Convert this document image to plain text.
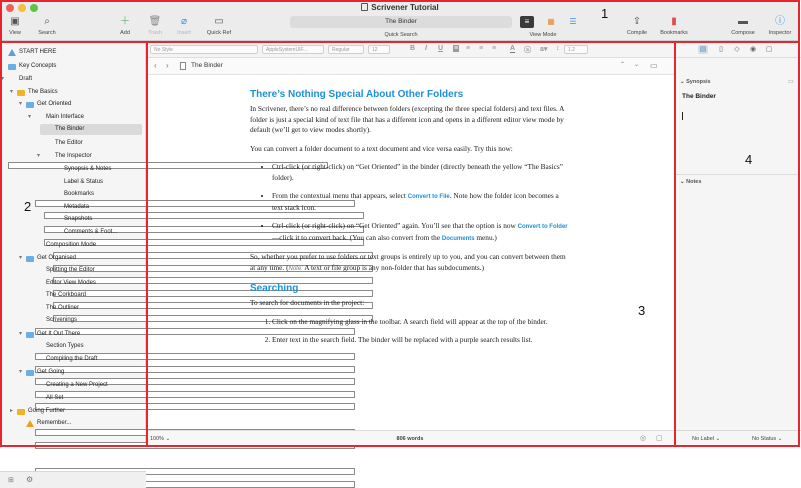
Scrivener Tutorial
▣
View
⌕
Search
＋
Add
🗑
Trash
⌀
Insert
▭
Quick Ref
The Binder
Quick Search
≡	▦	☰
View Mode
⇪
Compile
▮
Bookmarks
▬
Compose
ⓘ
Inspector
START HERE
Key Concepts
▾ Draft
▾ The Basics
▾ Get Oriented
▾ Main Interface
The Binder
The Editor
▾ The Inspector
Synopsis & Notes
Label & Status
Bookmarks
Metadata
Snapshots
Comments & Foot...
Composition Mode
▾ Get Organised
Splitting the Editor
Editor View Modes
The Corkboard
The Outliner
Scrivenings
▾ Get It Out There
Section Types
Compiling the Draft
▾ Get Going
Creating a New Project
All Set
▸ Going Further
Remember...
⊞ ⚙
No Style	AppleSystemUIF...	Regular	12	B I U ≡ ≡ ≡ ≡ A ⓐ a▾ ↕	1.2
‹ ›	The Binder	⌃ ⌄ ▭
There’s Nothing Special About Other Folders

In Scrivener, there’s no real difference between folders (excepting the three special folders) and text files. A folder is just a special kind of text file that has a different icon and opens in a different editor view mode by default (we’ll get to view modes shortly).

You can convert a folder document to a text document and vice versa easily. Try this now:

• Ctrl-click (or right-click) on “Get Oriented” in the binder (directly beneath the yellow “The Basics” folder).
• From the contextual menu that appears, select Convert to File. Note how the folder icon becomes a text stack icon.
• Ctrl-click (or right-click) on “Get Oriented” again. You’ll see that the option is now Convert to Folder—click it to convert back. (You can also convert from the Documents menu.)

So, whether you prefer to use folders or text groups is entirely up to you, and you can convert between them at any time. (Note: A text or file group is any non-folder that has subdocuments.)

Searching

To search for documents in the project:

1. Click on the magnifying glass in the toolbar. A search field will appear at the top of the binder.
2. Enter text in the search field. The binder will be replaced with a purple search results list.
100% ⌄	806 words	◎ ▢
▤	▯	◇	◉ ▢
⌄ Synopsis	▭
The Binder
⌄ Notes
No Label ⌄	No Status ⌄
1
2
3
4
